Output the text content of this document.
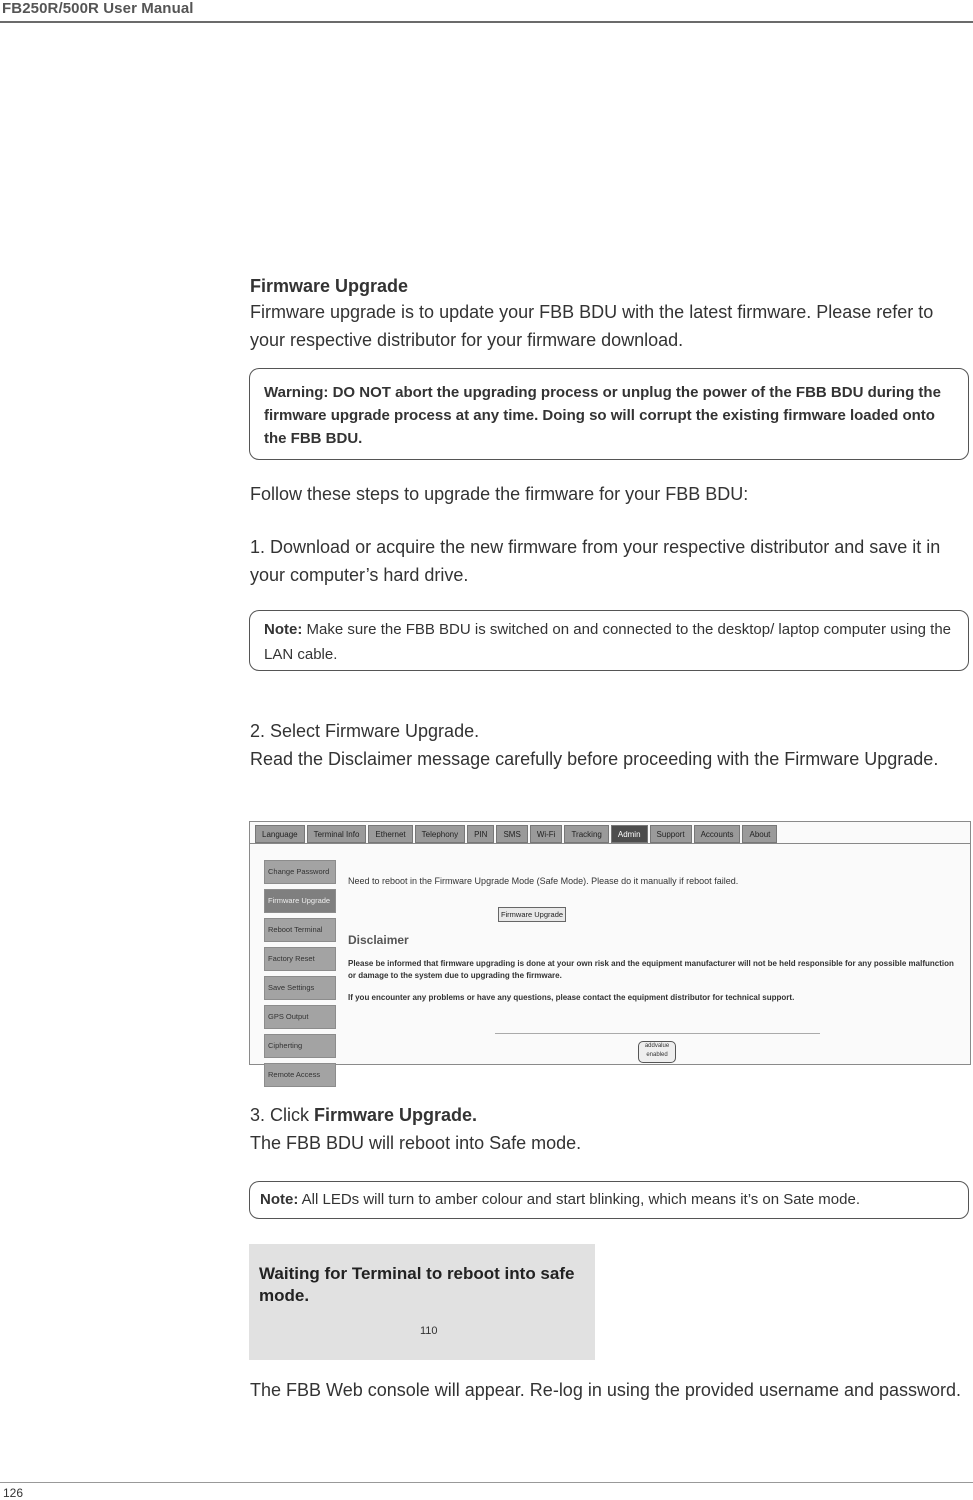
FB250R/500R User Manual
Firmware Upgrade

Firmware upgrade is to update your FBB BDU with the latest firmware. Please refer to your respective distributor for your firmware download.

Warning: DO NOT abort the upgrading process or unplug the power of the FBB BDU during the firmware upgrade process at any time. Doing so will corrupt the existing firmware loaded onto the FBB BDU.

Follow these steps to upgrade the firmware for your FBB BDU:

1. Download or acquire the new firmware from your respective distributor and save it in your computer’s hard drive.

Note: Make sure the FBB BDU is switched on and connected to the desktop/ laptop computer using the LAN cable.

2. Select Firmware Upgrade.

Read the Disclaimer message carefully before proceeding with the Firmware Upgrade.

Language	Terminal Info	Ethernet	Telephony	PIN	SMS	Wi-Fi	Tracking	Admin	Support	Accounts	About
Change Password
Firmware Upgrade
Reboot Terminal
Factory Reset
Save Settings
GPS Output
Cipherting
Remote Access
Need to reboot in the Firmware Upgrade Mode (Safe Mode). Please do it manually if reboot failed.
Firmware Upgrade
Disclaimer
Please be informed that firmware upgrading is done at your own risk and the equipment manufacturer will not be held responsible for any possible malfunction or damage to the system due to upgrading the firmware.
If you encounter any problems or have any questions, please contact the equipment distributor for technical support.
addvalue
enabled
3. Click Firmware Upgrade.
The FBB BDU will reboot into Safe mode.
Note: All LEDs will turn to amber colour and start blinking, which means it’s on Sate mode.
Waiting for Terminal to reboot into safe mode.
110

The FBB Web console will appear. Re-log in using the provided username and password.

126
